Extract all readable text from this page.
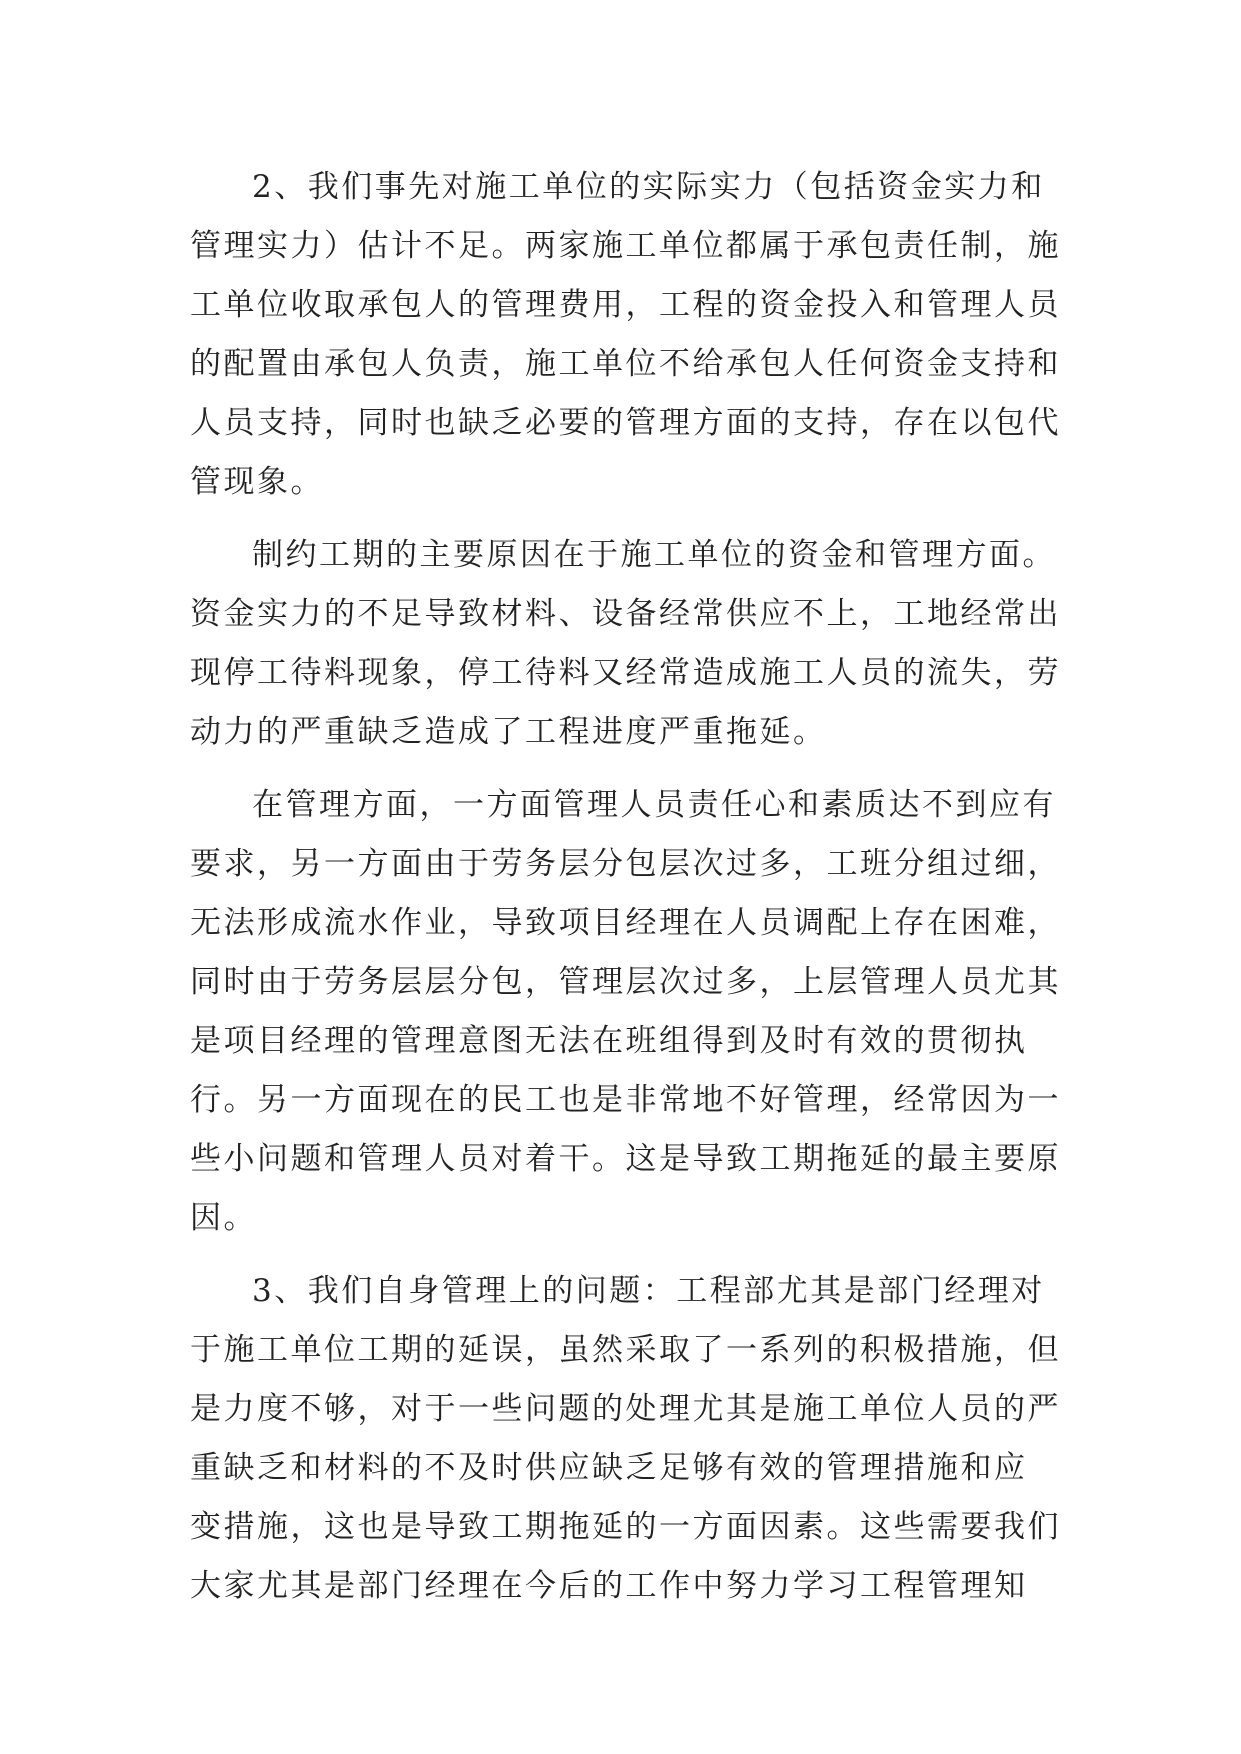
2、我们事先对施工单位的实际实力（包括资金实力和
管理实力）估计不足。两家施工单位都属于承包责任制，施
工单位收取承包人的管理费用，工程的资金投入和管理人员
的配置由承包人负责，施工单位不给承包人任何资金支持和
人员支持，同时也缺乏必要的管理方面的支持，存在以包代
管现象。
制约工期的主要原因在于施工单位的资金和管理方面。
资金实力的不足导致材料、设备经常供应不上，工地经常出
现停工待料现象，停工待料又经常造成施工人员的流失，劳
动力的严重缺乏造成了工程进度严重拖延。
在管理方面，一方面管理人员责任心和素质达不到应有
要求，另一方面由于劳务层分包层次过多，工班分组过细，
无法形成流水作业，导致项目经理在人员调配上存在困难，
同时由于劳务层层分包，管理层次过多，上层管理人员尤其
是项目经理的管理意图无法在班组得到及时有效的贯彻执
行。另一方面现在的民工也是非常地不好管理，经常因为一
些小问题和管理人员对着干。这是导致工期拖延的最主要原
因。
3、我们自身管理上的问题：工程部尤其是部门经理对
于施工单位工期的延误，虽然采取了一系列的积极措施，但
是力度不够，对于一些问题的处理尤其是施工单位人员的严
重缺乏和材料的不及时供应缺乏足够有效的管理措施和应
变措施，这也是导致工期拖延的一方面因素。这些需要我们
大家尤其是部门经理在今后的工作中努力学习工程管理知
